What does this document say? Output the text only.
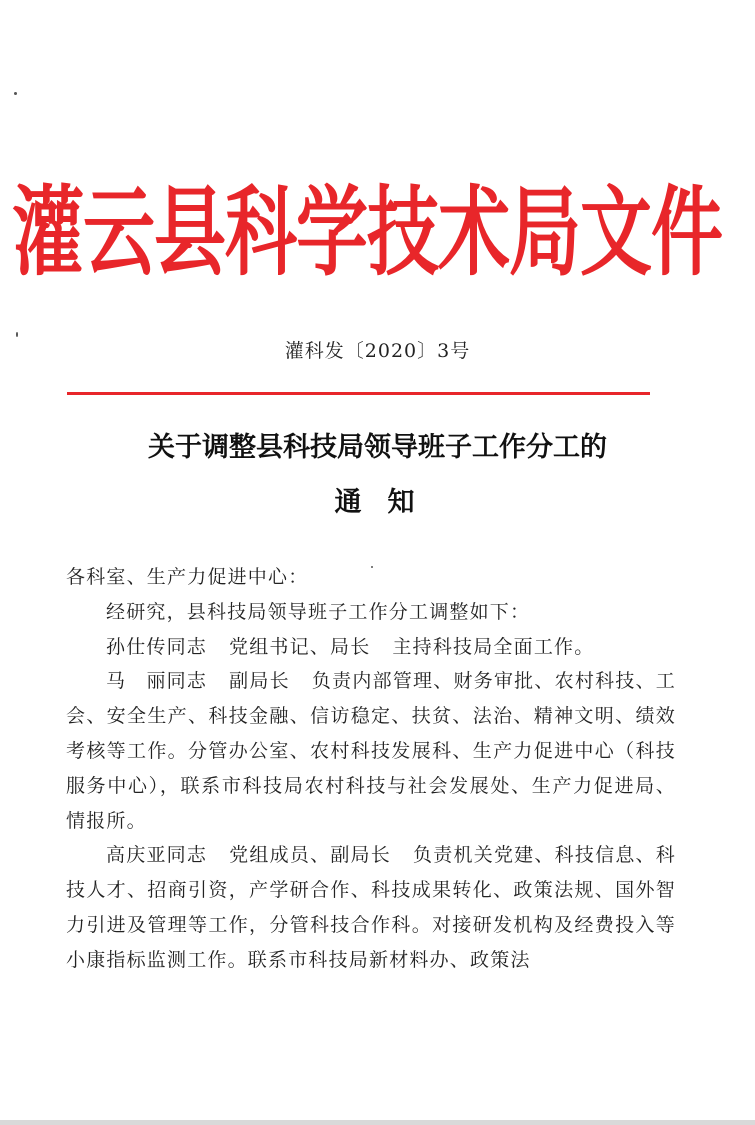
灌云县科学技术局文件
灌科发〔2020〕3号
关于调整县科技局领导班子工作分工的
通知

各科室、生产力促进中心：

经研究，县科技局领导班子工作分工调整如下：

孙仕传同志 党组书记、局长 主持科技局全面工作。

马　丽同志 副局长 负责内部管理、财务审批、农村科技、工会、安全生产、科技金融、信访稳定、扶贫、法治、精神文明、绩效考核等工作。分管办公室、农村科技发展科、生产力促进中心（科技服务中心），联系市科技局农村科技与社会发展处、生产力促进局、情报所。

高庆亚同志 党组成员、副局长 负责机关党建、科技信息、科技人才、招商引资，产学研合作、科技成果转化、政策法规、国外智力引进及管理等工作，分管科技合作科。对接研发机构及经费投入等小康指标监测工作。联系市科技局新材料办、政策法
